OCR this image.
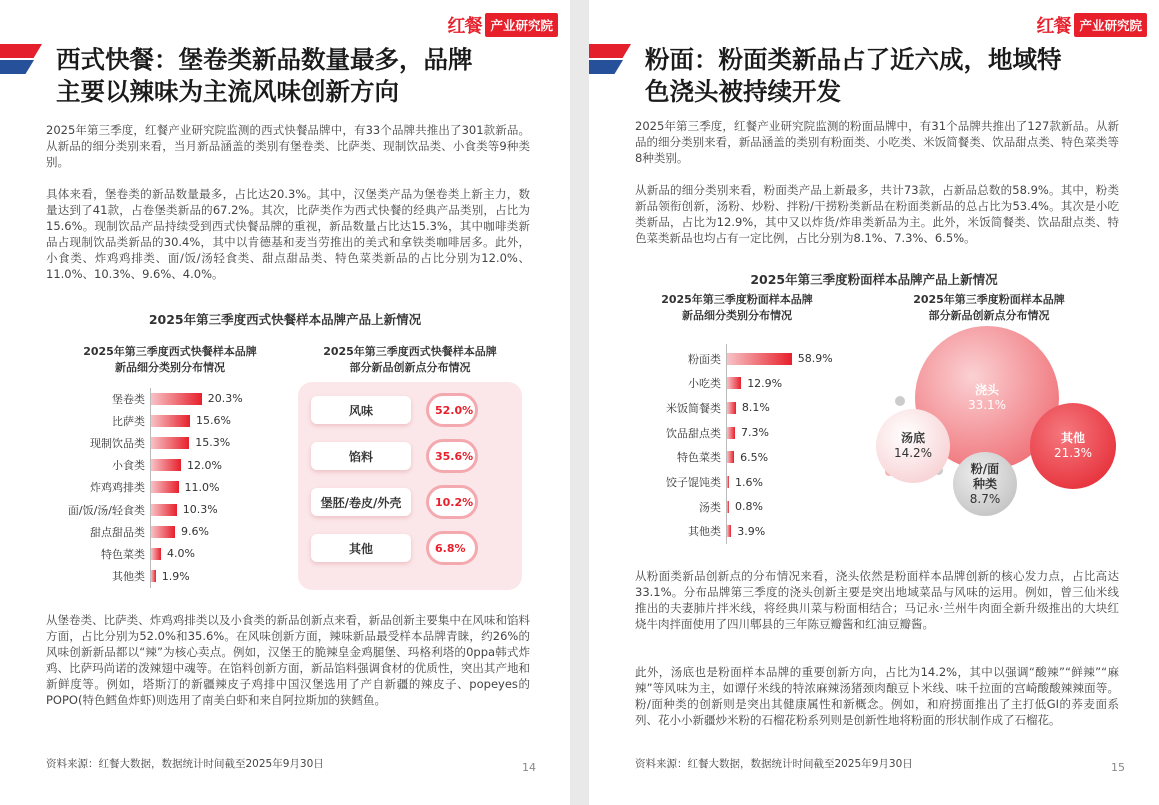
红餐 产业研究院
西式快餐：堡卷类新品数量最多，品牌
主要以辣味为主流风味创新方向
2025年第三季度，红餐产业研究院监测的西式快餐品牌中，有33个品牌共推出了301款新品。从新品的细分类别来看，当月新品涵盖的类别有堡卷类、比萨类、现制饮品类、小食类等9种类别。
具体来看，堡卷类的新品数量最多，占比达20.3%。其中，汉堡类产品为堡卷类上新主力，数量达到了41款，占卷堡类新品的67.2%。其次，比萨类作为西式快餐的经典产品类别，占比为15.6%。现制饮品产品持续受到西式快餐品牌的重视，新品数量占比达15.3%，其中咖啡类新品占现制饮品类新品的30.4%，其中以肯德基和麦当劳推出的美式和拿铁类咖啡居多。此外，小食类、炸鸡鸡排类、面/饭/汤轻食类、甜点甜品类、特色菜类新品的占比分别为12.0%、11.0%、10.3%、9.6%、4.0%。
2025年第三季度西式快餐样本品牌产品上新情况
2025年第三季度西式快餐样本品牌
新品细分类别分布情况
2025年第三季度西式快餐样本品牌
部分新品创新点分布情况
堡卷类	20.3%
比萨类	15.6%
现制饮品类	15.3%
小食类	12.0%
炸鸡鸡排类	11.0%
面/饭/汤/轻食类	10.3%
甜点甜品类	9.6%
特色菜类	4.0%
其他类	1.9%
从堡卷类、比萨类、炸鸡鸡排类以及小食类的新品创新点来看，新品创新主要集中在风味和馅料方面，占比分别为52.0%和35.6%。在风味创新方面，辣味新品最受样本品牌青睐，约26%的风味创新新品都以“辣”为核心卖点。例如，汉堡王的脆辣皇金鸡腿堡、玛格利塔的0ppa韩式炸鸡、比萨玛尚诺的泼辣翅中魂等。在馅料创新方面，新品馅料强调食材的优质性，突出其产地和新鲜度等。例如，塔斯汀的新疆辣皮子鸡排中国汉堡选用了产自新疆的辣皮子、popeyes的POPO(特色鳕鱼炸虾)则选用了南美白虾和来自阿拉斯加的狭鳕鱼。
资料来源：红餐大数据，数据统计时间截至2025年9月30日	14
风味	52.0%
馅料	35.6%
堡胚/卷皮/外壳	10.2%
其他	6.8%
红餐 产业研究院
粉面：粉面类新品占了近六成，地域特
色浇头被持续开发
2025年第三季度，红餐产业研究院监测的粉面品牌中，有31个品牌共推出了127款新品。从新品的细分类别来看，新品涵盖的类别有粉面类、小吃类、米饭简餐类、饮品甜点类、特色菜类等8种类别。
从新品的细分类别来看，粉面类产品上新最多，共计73款，占新品总数的58.9%。其中，粉类新品领衔创新，汤粉、炒粉、拌粉/干捞粉类新品在粉面类新品的总占比为53.4%。其次是小吃类新品，占比为12.9%，其中又以炸货/炸串类新品为主。此外，米饭简餐类、饮品甜点类、特色菜类新品也均占有一定比例，占比分别为8.1%、7.3%、6.5%。
2025年第三季度粉面样本品牌产品上新情况
2025年第三季度粉面样本品牌
新品细分类别分布情况
2025年第三季度粉面样本品牌
部分新品创新点分布情况
粉面类	58.9%
小吃类	12.9%
米饭简餐类	8.1%
饮品甜点类	7.3%
特色菜类	6.5%
饺子馄饨类	1.6%
汤类	0.8%
其他类	3.9%
浇头
33.1%
其他
21.3%
汤底
14.2%
粉/面
种类
8.7%
从粉面类新品创新点的分布情况来看，浇头依然是粉面样本品牌创新的核心发力点，占比高达33.1%。分布品牌第三季度的浇头创新主要是突出地域菜品与风味的运用。例如，曾三仙米线推出的夫妻肺片拌米线，将经典川菜与粉面相结合；马记永·兰州牛肉面全新升级推出的大块红烧牛肉拌面使用了四川郫县的三年陈豆瓣酱和红油豆瓣酱。
此外，汤底也是粉面样本品牌的重要创新方向，占比为14.2%，其中以强调“酸辣”“鲜辣”“麻辣”等风味为主，如谭仔米线的特浓麻辣汤猪颈肉酿豆卜米线、味千拉面的宫崎酸酸辣辣面等。粉/面种类的创新则是突出其健康属性和新概念。例如，和府捞面推出了主打低GI的荞麦面系列、花小小新疆炒米粉的石榴花粉系列则是创新性地将粉面的形状制作成了石榴花。
资料来源：红餐大数据，数据统计时间截至2025年9月30日	15
